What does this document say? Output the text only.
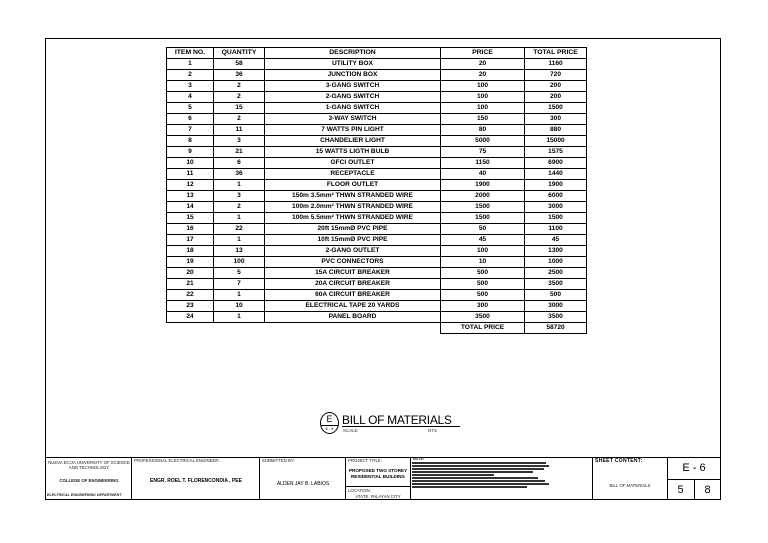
ITEM NO.	QUANTITY	DESCRIPTION	PRICE	TOTAL PRICE
1	58	UTILITY BOX	20	1160
2	36	JUNCTION BOX	20	720
3	2	3-GANG SWITCH	100	200
4	2	2-GANG SWITCH	100	200
5	15	1-GANG SWITCH	100	1500
6	2	3-WAY SWITCH	150	300
7	11	7 WATTS PIN LIGHT	80	880
8	3	CHANDELIER LIGHT	5000	15000
9	21	15 WATTS LIGTH BULB	75	1575
10	6	GFCI OUTLET	1150	6900
11	36	RECEPTACLE	40	1440
12	1	FLOOR OUTLET	1900	1900
13	3	150m 3.5mm² THWN STRANDED WIRE	2000	6000
14	2	100m 2.0mm² THWN STRANDED WIRE	1500	3000
15	1	100m 5.5mm² THWN STRANDED WIRE	1500	1500
16	22	20ft 15mmØ PVC PIPE	50	1100
17	1	10ft 15mmØ PVC PIPE	45	45
18	13	2-GANG OUTLET	100	1300
19	100	PVC CONNECTORS	10	1000
20	5	15A CIRCUIT BREAKER	500	2500
21	7	20A CIRCUIT BREAKER	500	3500
22	1	60A CIRCUIT BREAKER	500	500
23	10	ELECTRICAL TAPE 20 YARDS	300	3000
24	1	PANEL BOARD	3500	3500
			TOTAL PRICE	58720
E
6 - 6
BILL OF MATERIALS
SCALE	NTS
NUEVA ECIJA UNIVERSITY OF SCIENCE AND TECHNOLOGY
COLLEGE OF ENGINEERING
ELECTRICAL ENGINEERING DEPARTMENT
PROFESSIONAL ELECTRICAL ENGINEER:
ENGR. ROEL T. FLORENCONDIA , PEE
SUBMITTED BY:
ALDEN JAY B. LABIOS
PROJECT TITLE:
PROPOSED TWO STOREY RESIDENTIAL BUILDING
LOCATION:
ATATE, PALAYAN CITY
NOTE:	SHEET CONTENT:
BILL OF MATERIALS
E - 6
5	8
